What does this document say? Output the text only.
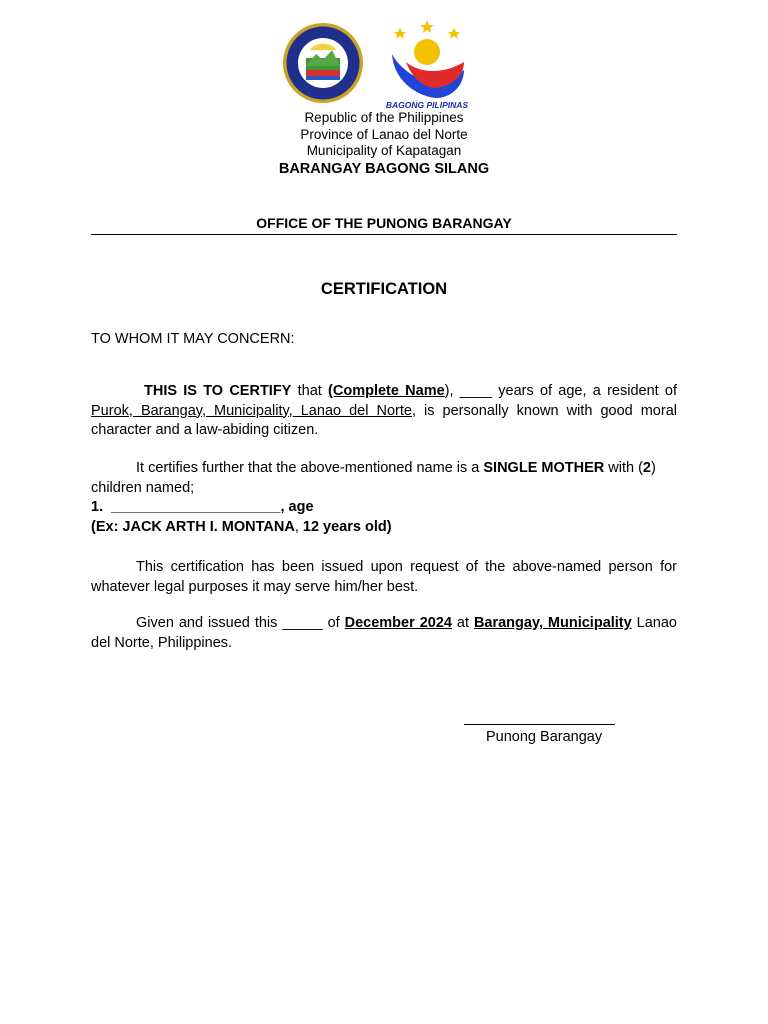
BAGONG PILIPINAS
Republic of the Philippines
Province of Lanao del Norte
Municipality of Kapatagan
BARANGAY BAGONG SILANG
OFFICE OF THE PUNONG BARANGAY
CERTIFICATION
TO WHOM IT MAY CONCERN:
THIS IS TO CERTIFY that (Complete Name), ____ years of age, a resident of Purok, Barangay, Municipality, Lanao del Norte, is personally known with good moral character and a law-abiding citizen.
It certifies further that the above-mentioned name is a SINGLE MOTHER with (2) children named;
1.  _____________________, age
(Ex: JACK ARTH I. MONTANA, 12 years old)
This certification has been issued upon request of the above-named person for whatever legal purposes it may serve him/her best.
Given and issued this _____ of December 2024 at Barangay, Municipality Lanao del Norte, Philippines.
Punong Barangay
